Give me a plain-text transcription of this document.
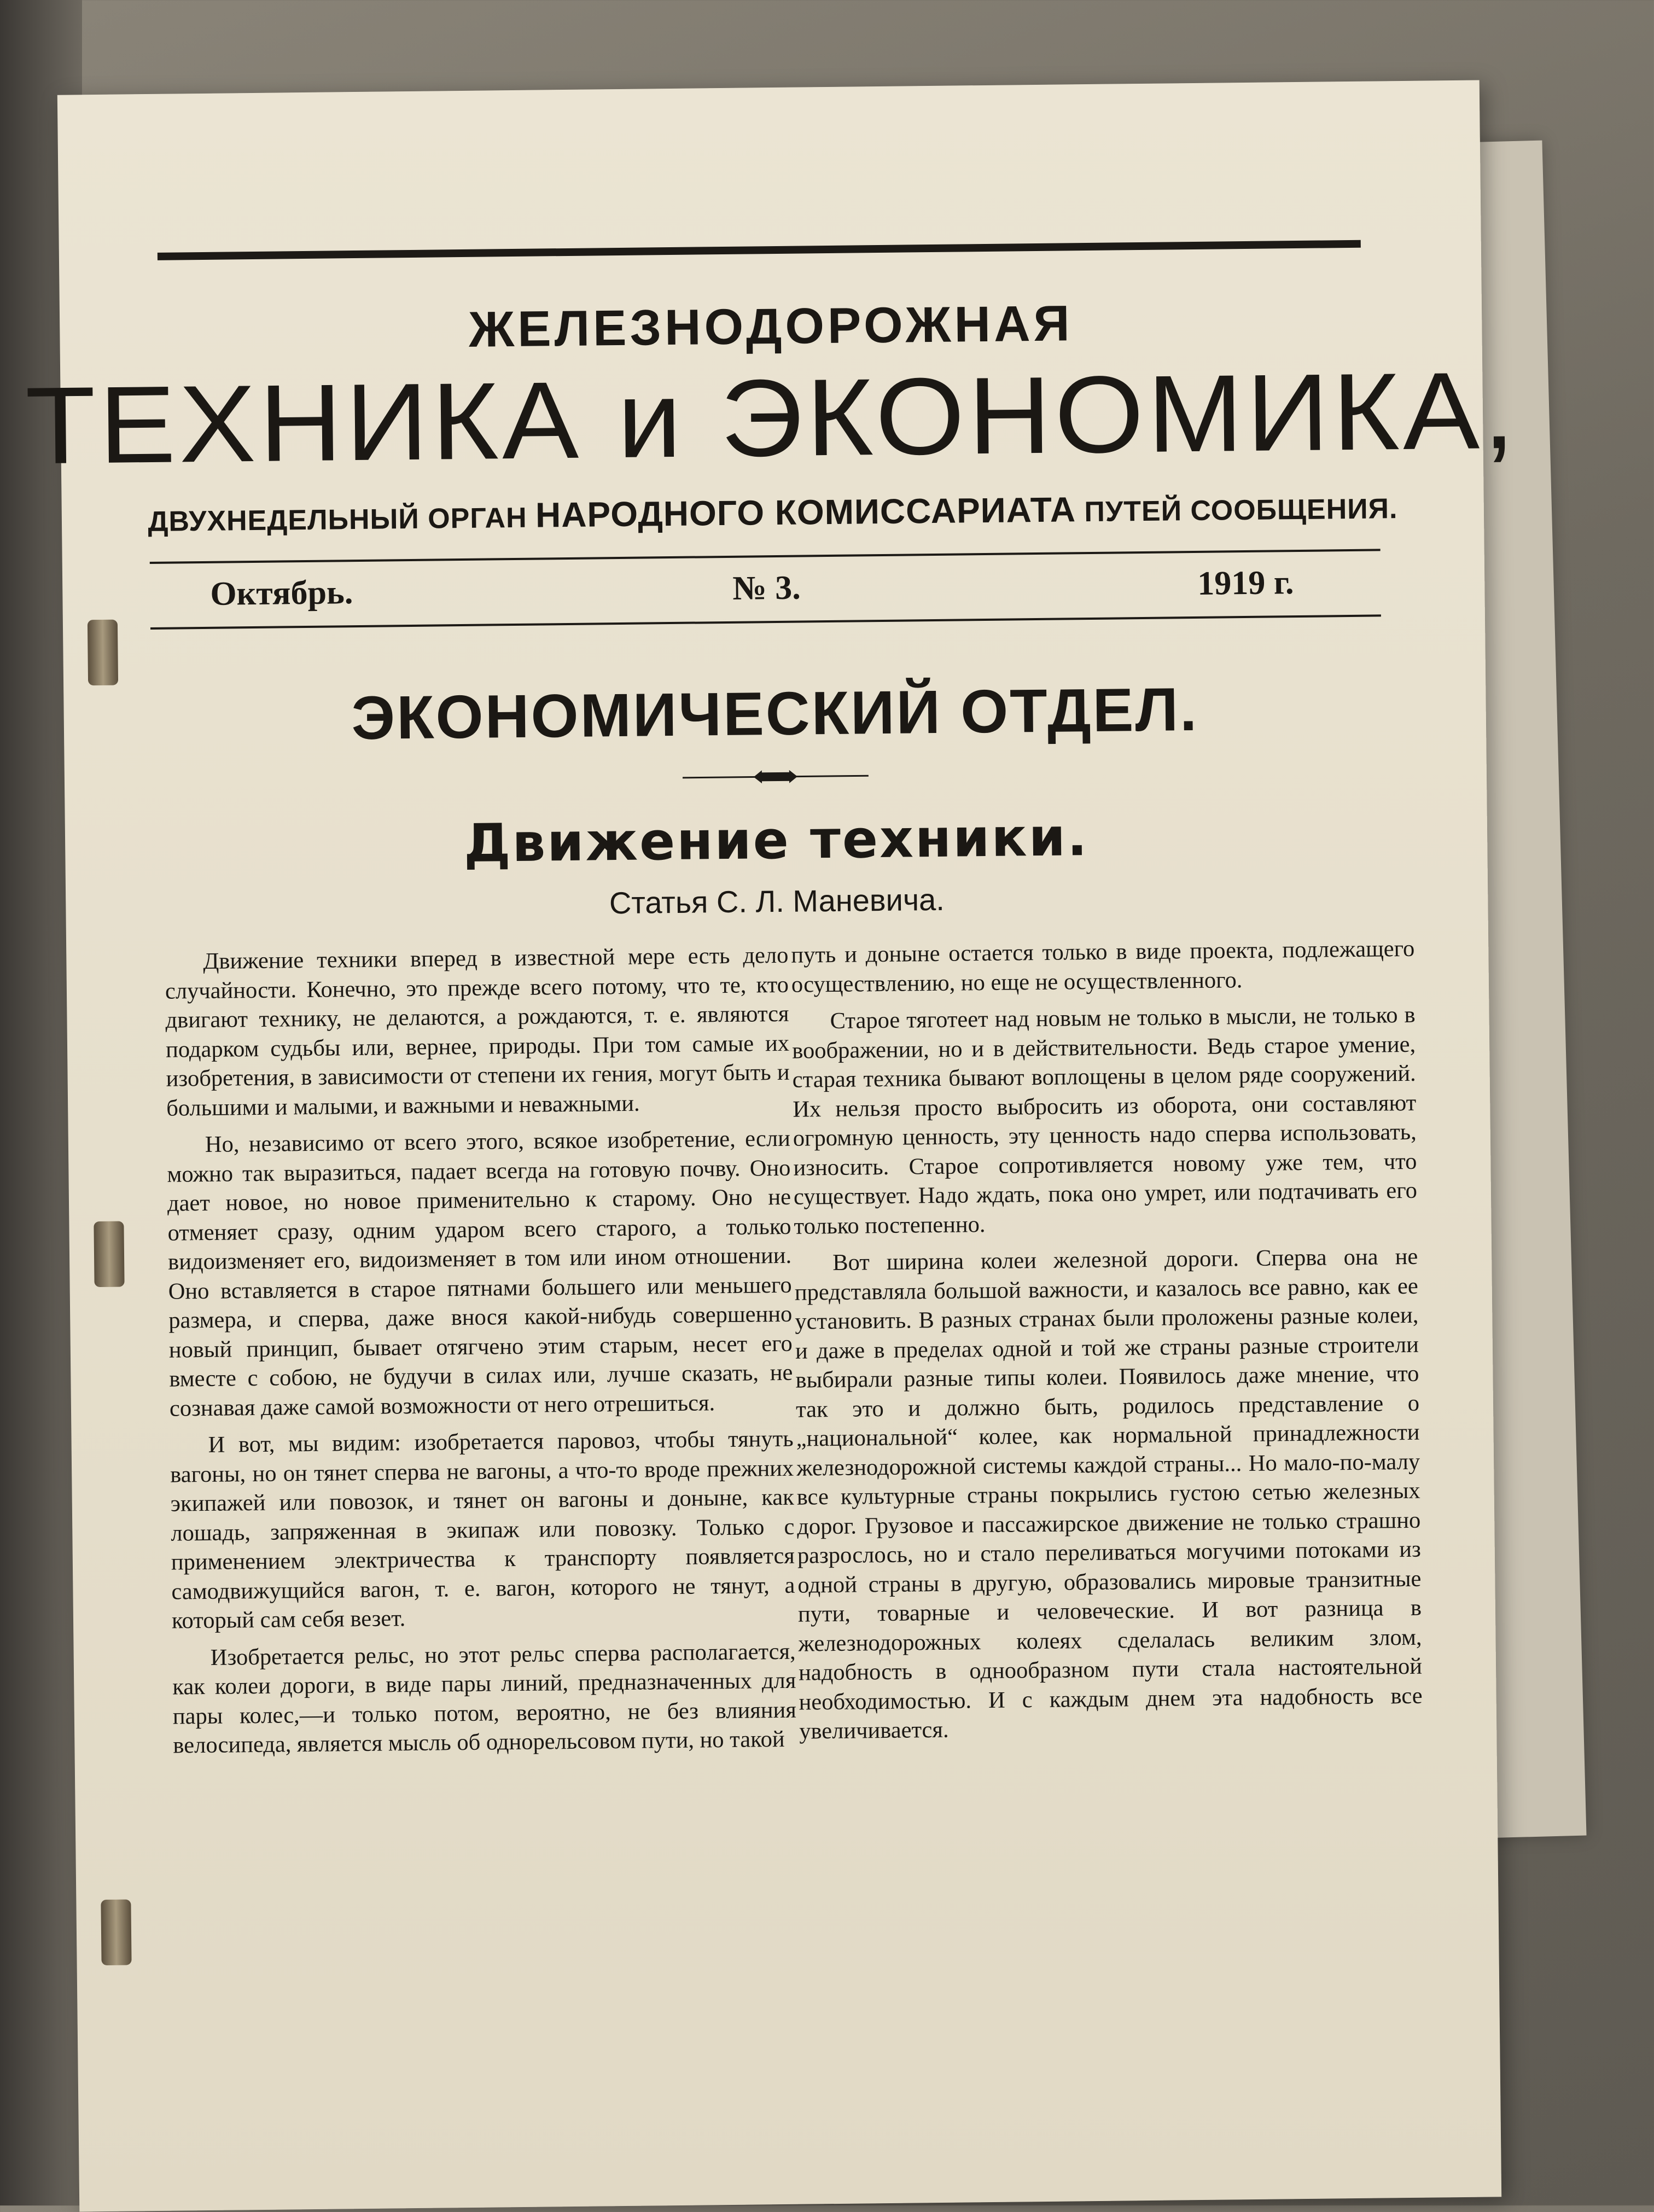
ЖЕЛЕЗНОДОРОЖНАЯ
ТЕХНИКА и ЭКОНОМИКА,
ДВУХНЕДЕЛЬНЫЙ ОРГАН НАРОДНОГО КОМИССАРИАТА ПУТЕЙ СООБЩЕНИЯ.
Октябрь.	№ 3.	1919 г.
ЭКОНОМИЧЕСКИЙ ОТДЕЛ.
Движение техники.
Статья С. Л. Маневича.

Движение техники вперед в известной мере есть дело случайности. Конечно, это прежде всего потому, что те, кто двигают технику, не делаются, а рождаются, т. е. являются подарком судьбы или, вернее, природы. При том самые их изобретения, в зависимости от степени их гения, могут быть и большими и малыми, и важными и неважными.

Но, независимо от всего этого, всякое изобретение, если можно так выразиться, падает всегда на готовую почву. Оно дает новое, но новое применительно к старому. Оно не отменяет сразу, одним ударом всего старого, а только видоизменяет его, видоизменяет в том или ином отношении. Оно вставляется в старое пятнами большего или меньшего размера, и сперва, даже внося какой-нибудь совершенно новый принцип, бывает отягчено этим старым, несет его вместе с собою, не будучи в силах или, лучше сказать, не сознавая даже самой возможности от него отрешиться.

И вот, мы видим: изобретается паровоз, чтобы тянуть вагоны, но он тянет сперва не вагоны, а что-то вроде прежних экипажей или повозок, и тянет он вагоны и доныне, как лошадь, запряженная в экипаж или повозку. Только с применением электричества к транспорту появляется самодвижущийся вагон, т. е. вагон, которого не тянут, а который сам себя везет.

Изобретается рельс, но этот рельс сперва располагается, как колеи дороги, в виде пары линий, предназначенных для пары колес,—и только потом, вероятно, не без влияния велосипеда, является мысль об однорельсовом пути, но такой

путь и доныне остается только в виде проекта, подлежащего осуществлению, но еще не осуществленного.

Старое тяготеет над новым не только в мысли, не только в воображении, но и в действительности. Ведь старое умение, старая техника бывают воплощены в целом ряде сооружений. Их нельзя просто выбросить из оборота, они составляют огромную ценность, эту ценность надо сперва использовать, износить. Старое сопротивляется новому уже тем, что существует. Надо ждать, пока оно умрет, или подтачивать его только постепенно.

Вот ширина колеи железной дороги. Сперва она не представляла большой важности, и казалось все равно, как ее установить. В разных странах были проложены разные колеи, и даже в пределах одной и той же страны разные строители выбирали разные типы колеи. Появилось даже мнение, что так это и должно быть, родилось представление о „национальной“ колее, как нормальной принадлежности железнодорожной системы каждой страны... Но мало-по-малу все культурные страны покрылись густою сетью железных дорог. Грузовое и пассажирское движение не только страшно разрослось, но и стало переливаться могучими потоками из одной страны в другую, образовались мировые транзитные пути, товарные и человеческие. И вот разница в железнодорожных колеях сделалась великим злом, надобность в однообразном пути стала настоятельной необходимостью. И с каждым днем эта надобность все увеличивается.
